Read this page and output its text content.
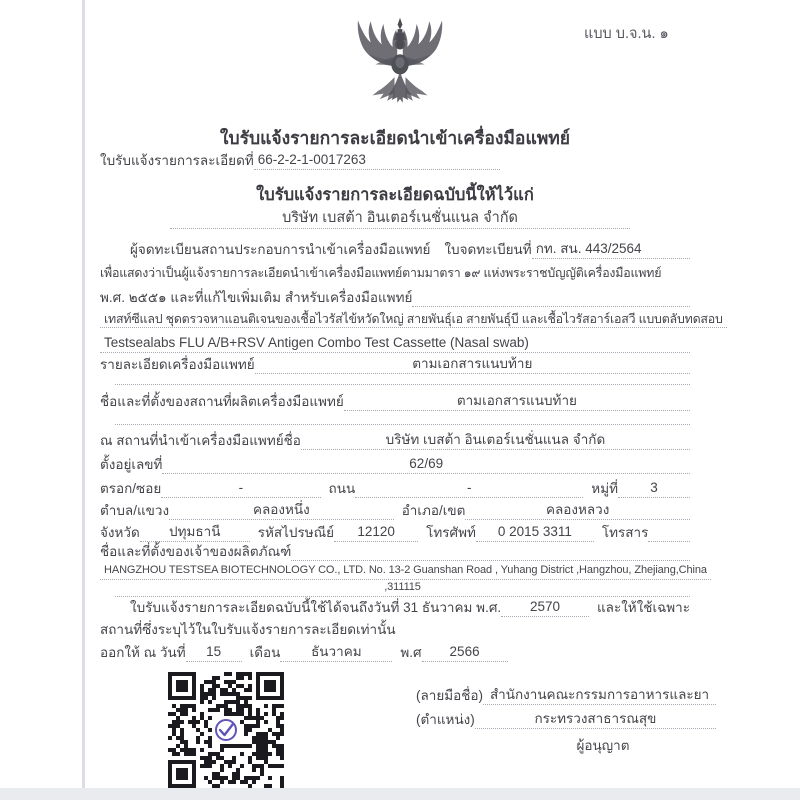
แบบ บ.จ.น. ๑
ใบรับแจ้งรายการละเอียดนำเข้าเครื่องมือแพทย์
ใบรับแจ้งรายการละเอียดที่ 66-2-2-1-0017263
ใบรับแจ้งรายการละเอียดฉบับนี้ให้ไว้แก่
บริษัท เบสต้า อินเตอร์เนชั่นแนล จำกัด
ผู้จดทะเบียนสถานประกอบการนำเข้าเครื่องมือแพทย์ ใบจดทะเบียนที่ กท. สน. 443/2564
เพื่อแสดงว่าเป็นผู้แจ้งรายการละเอียดนำเข้าเครื่องมือแพทย์ตามมาตรา ๑๙ แห่งพระราชบัญญัติเครื่องมือแพทย์
พ.ศ. ๒๕๕๑ และที่แก้ไขเพิ่มเติม สำหรับเครื่องมือแพทย์
เทสท์ซีแลป ชุดตรวจหาแอนติเจนของเชื้อไวรัสไข้หวัดใหญ่ สายพันธุ์เอ สายพันธุ์บี และเชื้อไวรัสอาร์เอสวี แบบตลับทดสอบ
Testsealabs FLU A/B+RSV Antigen Combo Test Cassette (Nasal swab)
รายละเอียดเครื่องมือแพทย์	ตามเอกสารแนบท้าย
ชื่อและที่ตั้งของสถานที่ผลิตเครื่องมือแพทย์	ตามเอกสารแนบท้าย
ณ สถานที่นำเข้าเครื่องมือแพทย์ชื่อ	บริษัท เบสต้า อินเตอร์เนชั่นแนล จำกัด
ตั้งอยู่เลขที่	62/69
ตรอก/ซอย	-	ถนน	-	หมู่ที่	3
ตำบล/แขวง	คลองหนึ่ง	อำเภอ/เขต	คลองหลวง
จังหวัด	ปทุมธานี	รหัสไปรษณีย์	12120	โทรศัพท์	0 2015 3311	โทรสาร
ชื่อและที่ตั้งของเจ้าของผลิตภัณฑ์
HANGZHOU TESTSEA BIOTECHNOLOGY CO., LTD. No. 13-2 Guanshan Road , Yuhang District ,Hangzhou, Zhejiang,China
,311115
ใบรับแจ้งรายการละเอียดฉบับนี้ใช้ได้จนถึงวันที่ 31 ธันวาคม พ.ศ.	2570	และให้ใช้เฉพาะ
สถานที่ซึ่งระบุไว้ในใบรับแจ้งรายการละเอียดเท่านั้น
ออกให้ ณ วันที่	15	เดือน	ธันวาคม	พ.ศ	2566
(ลายมือชื่อ) สำนักงานคณะกรรมการอาหารและยา
(ตำแหน่ง)	กระทรวงสาธารณสุข
ผู้อนุญาต
